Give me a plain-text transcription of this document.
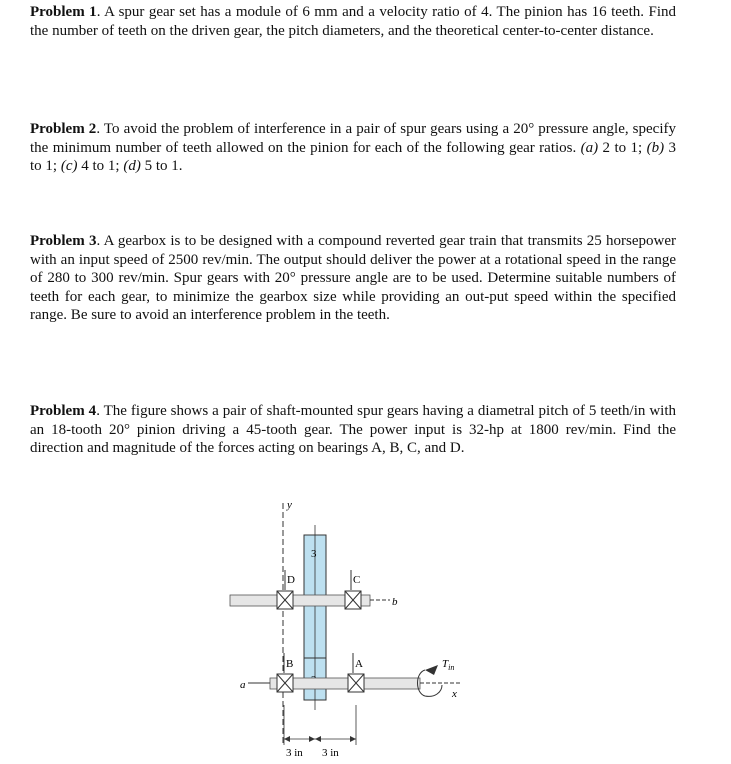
Problem 1. A spur gear set has a module of 6 mm and a velocity ratio of 4. The pinion has 16 teeth. Find the number of teeth on the driven gear, the pitch diameters, and the theoretical center-to-center distance.
Problem 2. To avoid the problem of interference in a pair of spur gears using a 20° pressure angle, specify the minimum number of teeth allowed on the pinion for each of the following gear ratios. (a) 2 to 1; (b) 3 to 1; (c) 4 to 1; (d) 5 to 1.
Problem 3. A gearbox is to be designed with a compound reverted gear train that transmits 25 horsepower with an input speed of 2500 rev/min. The output should deliver the power at a rotational speed in the range of 280 to 300 rev/min. Spur gears with 20° pressure angle are to be used. Determine suitable numbers of teeth for each gear, to minimize the gearbox size while providing an out-put speed within the specified range. Be sure to avoid an interference problem in the teeth.
Problem 4. The figure shows a pair of shaft-mounted spur gears having a diametral pitch of 5 teeth/in with an 18-tooth 20° pinion driving a 45-tooth gear. The power input is 32-hp at 1800 rev/min. Find the direction and magnitude of the forces acting on bearings A, B, C, and D.
y
3
b
D	C
a
x
B	A	$T_{in}$
3 in 3 in
